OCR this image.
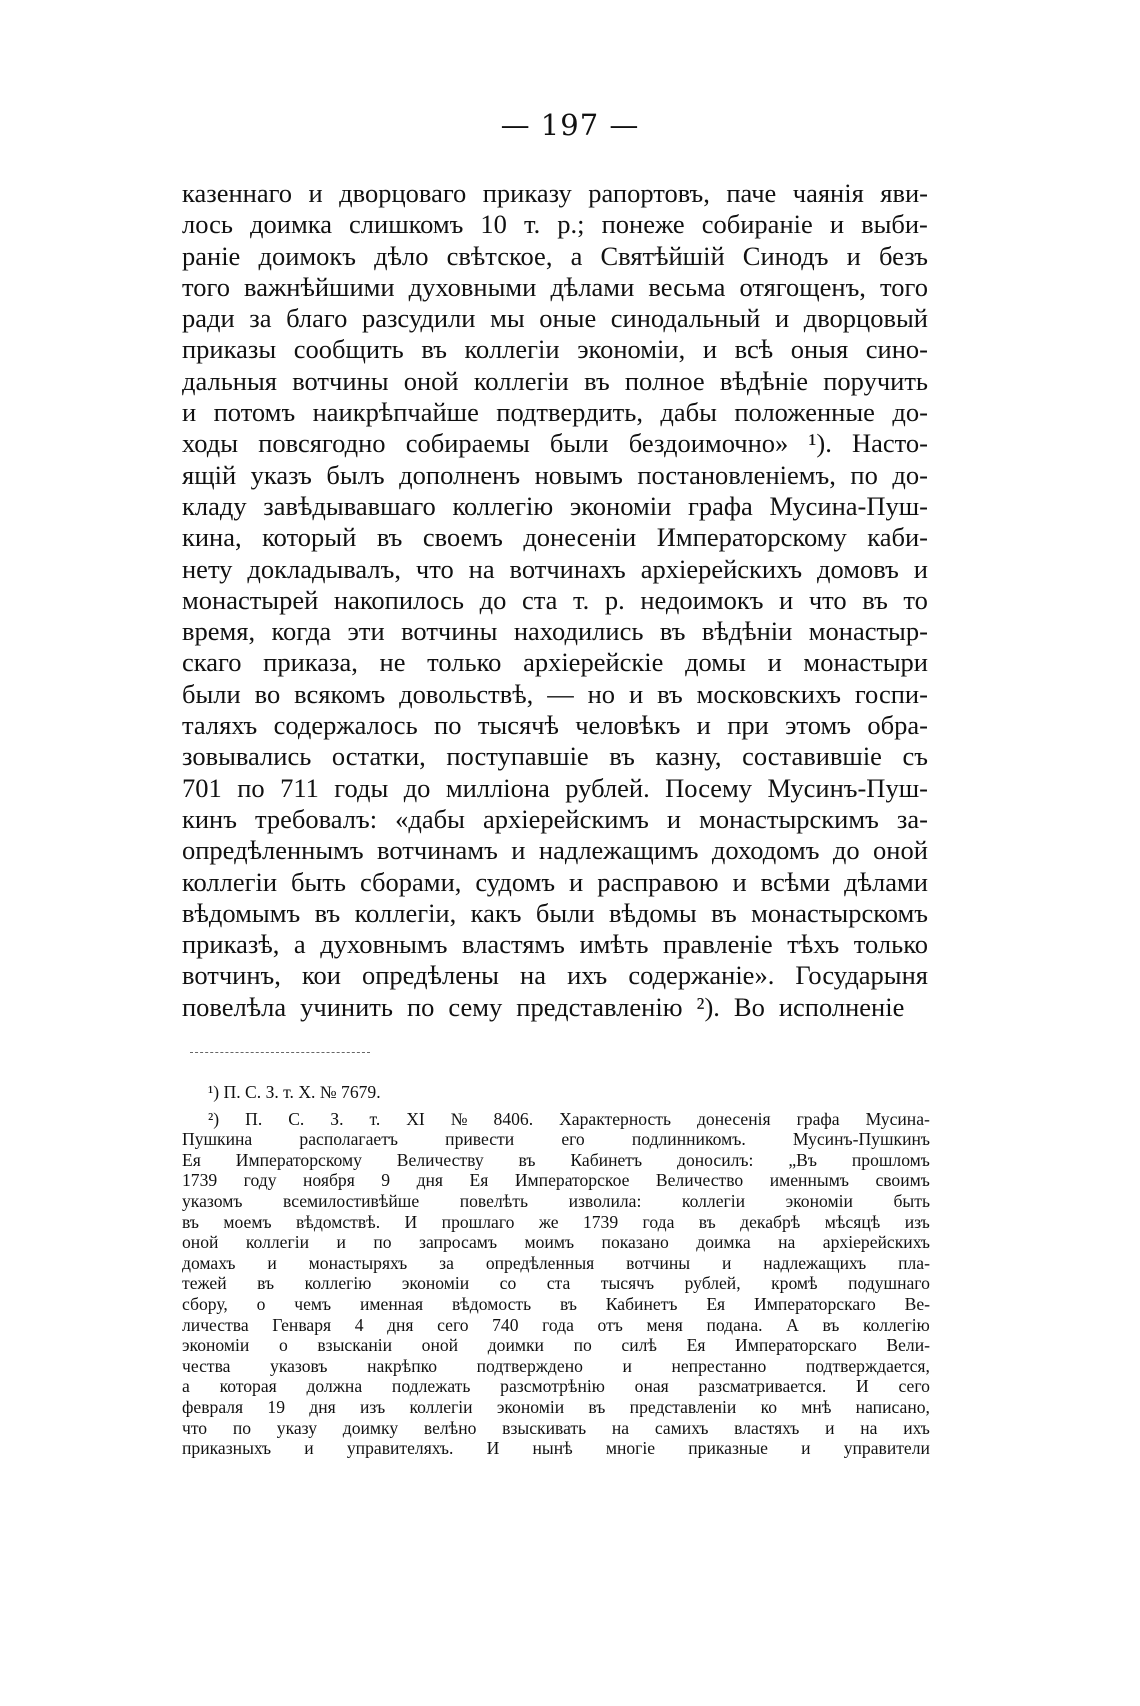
— 197 —
казеннаго и дворцоваго приказу рапортовъ, паче чаянія яви-
лось доимка слишкомъ 10 т. р.; понеже собираніе и выби-
раніе доимокъ дѣло свѣтское, а Святѣйшій Синодъ и безъ
того важнѣйшими духовными дѣлами весьма отягощенъ, того
ради за благо разсудили мы оные синодальный и дворцовый
приказы сообщить въ коллегіи экономіи, и всѣ оныя сино-
дальныя вотчины оной коллегіи въ полное вѣдѣніе поручить
и потомъ наикрѣпчайше подтвердить, дабы положенные до-
ходы повсягодно собираемы были бездоимочно» ¹). Насто-
ящій указъ былъ дополненъ новымъ постановленіемъ, по до-
кладу завѣдывавшаго коллегію экономіи графа Мусина-Пуш-
кина, который въ своемъ донесеніи Императорскому каби-
нету докладывалъ, что на вотчинахъ архіерейскихъ домовъ и
монастырей накопилось до ста т. р. недоимокъ и что въ то
время, когда эти вотчины находились въ вѣдѣніи монастыр-
скаго приказа, не только архіерейскіе домы и монастыри
были во всякомъ довольствѣ, — но и въ московскихъ госпи-
таляхъ содержалось по тысячѣ человѣкъ и при этомъ обра-
зовывались остатки, поступавшіе въ казну, составившіе съ
701 по 711 годы до милліона рублей. Посему Мусинъ-Пуш-
кинъ требовалъ: «дабы архіерейскимъ и монастырскимъ за-
опредѣленнымъ вотчинамъ и надлежащимъ доходомъ до оной
коллегіи быть сборами, судомъ и расправою и всѣми дѣлами
вѣдомымъ въ коллегіи, какъ были вѣдомы въ монастырскомъ
приказѣ, а духовнымъ властямъ имѣть правленіе тѣхъ только
вотчинъ, кои опредѣлены на ихъ содержаніе». Государыня
повелѣла учинить по сему представленію ²). Во исполненіе
¹) П. С. З. т. X. № 7679.
²) П. С. З. т. XI № 8406. Характерность донесенія графа Мусина-
Пушкина	располагаетъ	привести	его	подлинникомъ.	Мусинъ-Пушкинъ
Ея Императорскому Величеству въ Кабинетъ доносилъ: „Въ прошломъ
1739 году ноября 9 дня Ея Императорское Величество именнымъ своимъ
указомъ всемилостивѣйше повелѣть изволила: коллегіи экономіи быть
въ моемъ вѣдомствѣ. И прошлаго же 1739 года въ декабрѣ мѣсяцѣ изъ
оной коллегіи и по запросамъ моимъ показано доимка на архіерейскихъ
домахъ и монастыряхъ за опредѣленныя вотчины и надлежащихъ пла-
тежей въ коллегію экономіи со ста тысячъ рублей, кромѣ подушнаго
сбору, о чемъ именная вѣдомость въ Кабинетъ Ея Императорскаго Ве-
личества Генваря 4 дня сего 740 года отъ меня подана. А въ коллегію
экономіи о взысканіи оной доимки по силѣ Ея Императорскаго Вели-
чества указовъ накрѣпко подтверждено и непрестанно подтверждается,
а которая должна подлежать разсмотрѣнію оная разсматривается. И сего
февраля 19 дня изъ коллегіи экономіи въ представленіи ко мнѣ написано,
что по указу доимку велѣно взыскивать на самихъ властяхъ и на ихъ
приказныхъ и управителяхъ. И нынѣ многіе приказные и управители
